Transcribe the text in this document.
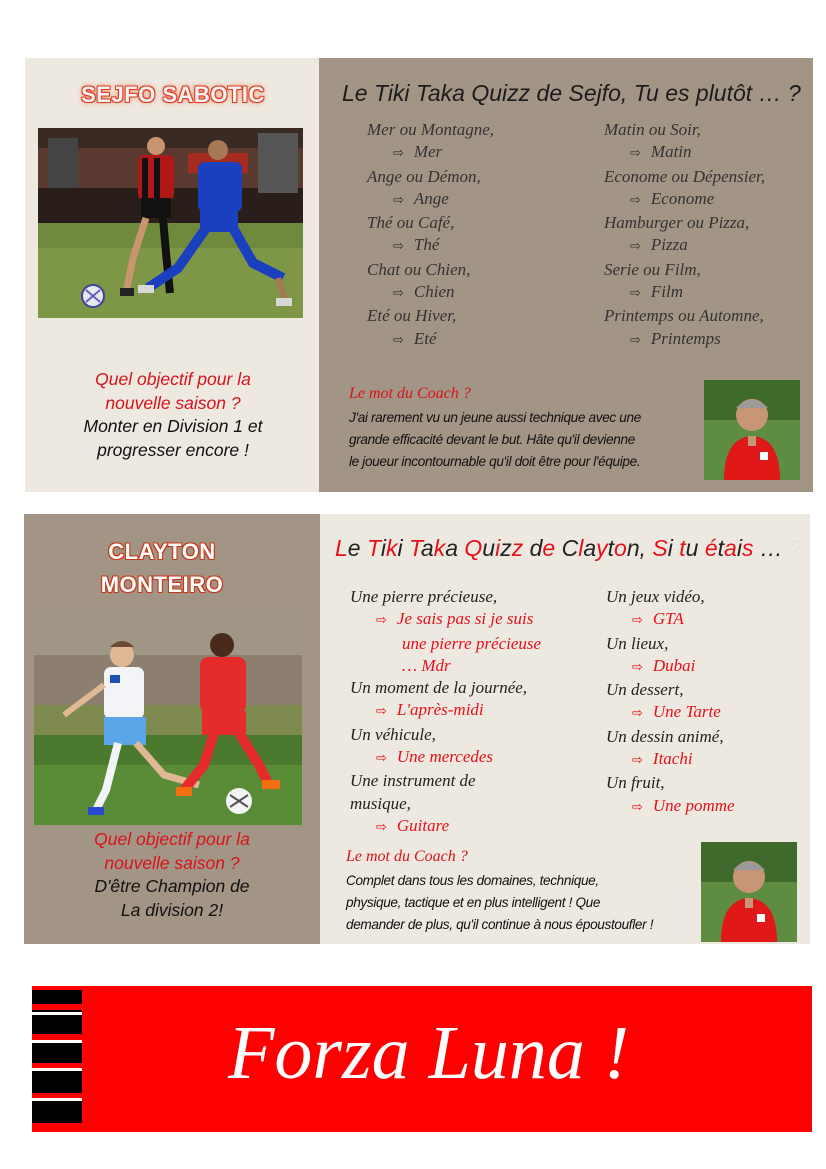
SEJFO SABOTIC
Quel objectif pour la
nouvelle saison ?
Monter en Division 1 et
progresser encore !
Le Tiki Taka Quizz de Sejfo, Tu es plutôt … ?
Mer ou Montagne,
⇨ Mer
Ange ou Démon,
⇨ Ange
Thé ou Café,
⇨ Thé
Chat ou Chien,
⇨ Chien
Eté ou Hiver,
⇨ Eté
Matin ou Soir,
⇨ Matin
Econome ou Dépensier,
⇨ Econome
Hamburger ou Pizza,
⇨ Pizza
Serie ou Film,
⇨ Film
Printemps ou Automne,
⇨ Printemps
Le mot du Coach ?
J'ai rarement vu un jeune aussi technique avec une
grande efficacité devant le but. Hâte qu'il devienne
le joueur incontournable qu'il doit être pour l'équipe.
CLAYTON
MONTEIRO
Quel objectif pour la
nouvelle saison ?
D'être Champion de
La division 2!
Le Tiki Taka Quizz de Clayton, Si tu étais … ?
Une pierre précieuse,
⇨ Je sais pas si je suis
une pierre précieuse
… Mdr
Un moment de la journée,
⇨ L'après-midi
Un véhicule,
⇨ Une mercedes
Une instrument de
musique,
⇨ Guitare
Un jeux vidéo,
⇨ GTA
Un lieux,
⇨ Dubai
Un dessert,
⇨ Une Tarte
Un dessin animé,
⇨ Itachi
Un fruit,
⇨ Une pomme
Le mot du Coach ?
Complet dans tous les domaines, technique,
physique, tactique et en plus intelligent ! Que
demander de plus, qu'il continue à nous époustoufler !
Forza Luna !
